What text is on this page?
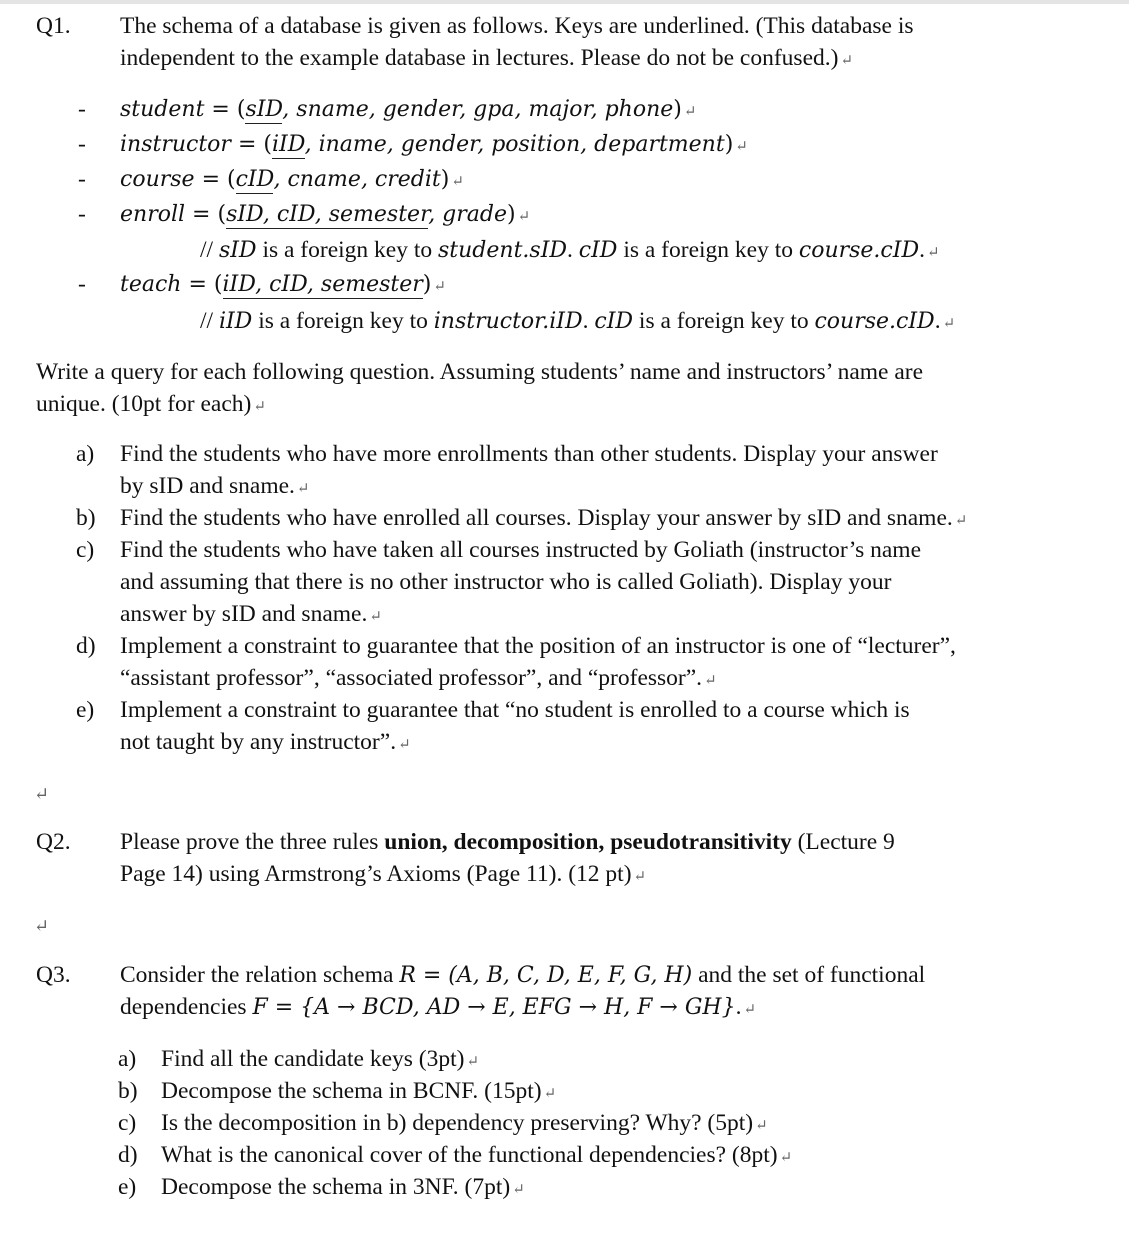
Q1. The schema of a database is given as follows. Keys are underlined. (This database is
independent to the example database in lectures. Please do not be confused.) ↵
- student = (sID, sname, gender, gpa, major, phone) ↵
- instructor = (iID, iname, gender, position, department) ↵
- course = (cID, cname, credit) ↵
- enroll = (sID, cID, semester, grade) ↵
// sID is a foreign key to student.sID. cID is a foreign key to course.cID. ↵
- teach = (iID, cID, semester) ↵
// iID is a foreign key to instructor.iID. cID is a foreign key to course.cID. ↵
Write a query for each following question. Assuming students’ name and instructors’ name are
unique. (10pt for each) ↵
a) Find the students who have more enrollments than other students. Display your answer
by sID and sname. ↵
b) Find the students who have enrolled all courses. Display your answer by sID and sname. ↵
c) Find the students who have taken all courses instructed by Goliath (instructor’s name
and assuming that there is no other instructor who is called Goliath). Display your
answer by sID and sname. ↵
d) Implement a constraint to guarantee that the position of an instructor is one of “lecturer”,
“assistant professor”, “associated professor”, and “professor”. ↵
e) Implement a constraint to guarantee that “no student is enrolled to a course which is
not taught by any instructor”. ↵
↵
Q2. Please prove the three rules union, decomposition, pseudotransitivity (Lecture 9
Page 14) using Armstrong’s Axioms (Page 11). (12 pt) ↵
↵
Q3. Consider the relation schema R = (A, B, C, D, E, F, G, H) and the set of functional
dependencies F = {A → BCD, AD → E, EFG → H, F → GH}. ↵
a) Find all the candidate keys (3pt) ↵
b) Decompose the schema in BCNF. (15pt) ↵
c) Is the decomposition in b) dependency preserving? Why? (5pt) ↵
d) What is the canonical cover of the functional dependencies? (8pt) ↵
e) Decompose the schema in 3NF. (7pt) ↵
